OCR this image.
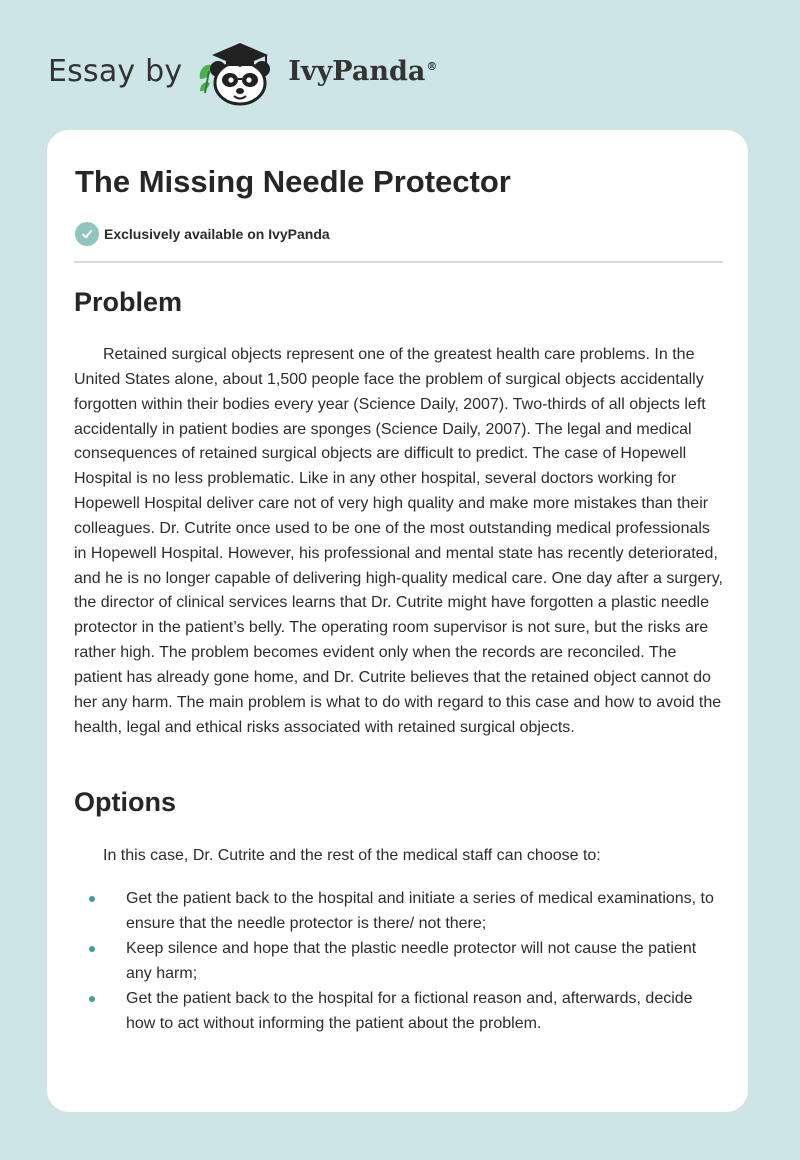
Essay by	IvyPanda®
The Missing Needle Protector
Exclusively available on IvyPanda
Problem

Retained surgical objects represent one of the greatest health care problems. In the United States alone, about 1,500 people face the problem of surgical objects accidentally forgotten within their bodies every year (Science Daily, 2007). Two-thirds of all objects left accidentally in patient bodies are sponges (Science Daily, 2007). The legal and medical consequences of retained surgical objects are difficult to predict. The case of Hopewell Hospital is no less problematic. Like in any other hospital, several doctors working for Hopewell Hospital deliver care not of very high quality and make more mistakes than their colleagues. Dr. Cutrite once used to be one of the most outstanding medical professionals in Hopewell Hospital. However, his professional and mental state has recently deteriorated, and he is no longer capable of delivering high-quality medical care. One day after a surgery, the director of clinical services learns that Dr. Cutrite might have forgotten a plastic needle protector in the patient’s belly. The operating room supervisor is not sure, but the risks are rather high. The problem becomes evident only when the records are reconciled. The patient has already gone home, and Dr. Cutrite believes that the retained object cannot do her any harm. The main problem is what to do with regard to this case and how to avoid the health, legal and ethical risks associated with retained surgical objects.

Options

In this case, Dr. Cutrite and the rest of the medical staff can choose to:

Get the patient back to the hospital and initiate a series of medical examinations, to ensure that the needle protector is there/ not there;
Keep silence and hope that the plastic needle protector will not cause the patient any harm;
Get the patient back to the hospital for a fictional reason and, afterwards, decide how to act without informing the patient about the problem.
